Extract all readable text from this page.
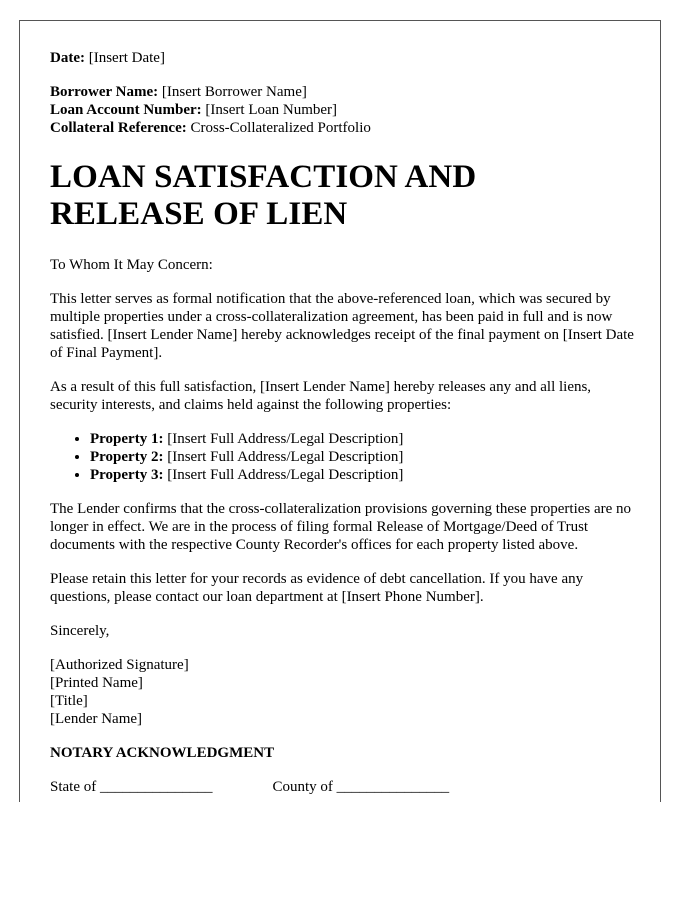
Date: [Insert Date]
Borrower Name: [Insert Borrower Name]
Loan Account Number: [Insert Loan Number]
Collateral Reference: Cross-Collateralized Portfolio
LOAN SATISFACTION AND RELEASE OF LIEN

To Whom It May Concern:

This letter serves as formal notification that the above-referenced loan, which was secured by multiple properties under a cross-collateralization agreement, has been paid in full and is now satisfied. [Insert Lender Name] hereby acknowledges receipt of the final payment on [Insert Date of Final Payment].

As a result of this full satisfaction, [Insert Lender Name] hereby releases any and all liens, security interests, and claims held against the following properties:

• Property 1: [Insert Full Address/Legal Description]
• Property 2: [Insert Full Address/Legal Description]
• Property 3: [Insert Full Address/Legal Description]

The Lender confirms that the cross-collateralization provisions governing these properties are no longer in effect. We are in the process of filing formal Release of Mortgage/Deed of Trust documents with the respective County Recorder's offices for each property listed above.

Please retain this letter for your records as evidence of debt cancellation. If you have any questions, please contact our loan department at [Insert Phone Number].

Sincerely,

[Authorized Signature]
[Printed Name]
[Title]
[Lender Name]
NOTARY ACKNOWLEDGMENT
State of _______________	County of _______________
